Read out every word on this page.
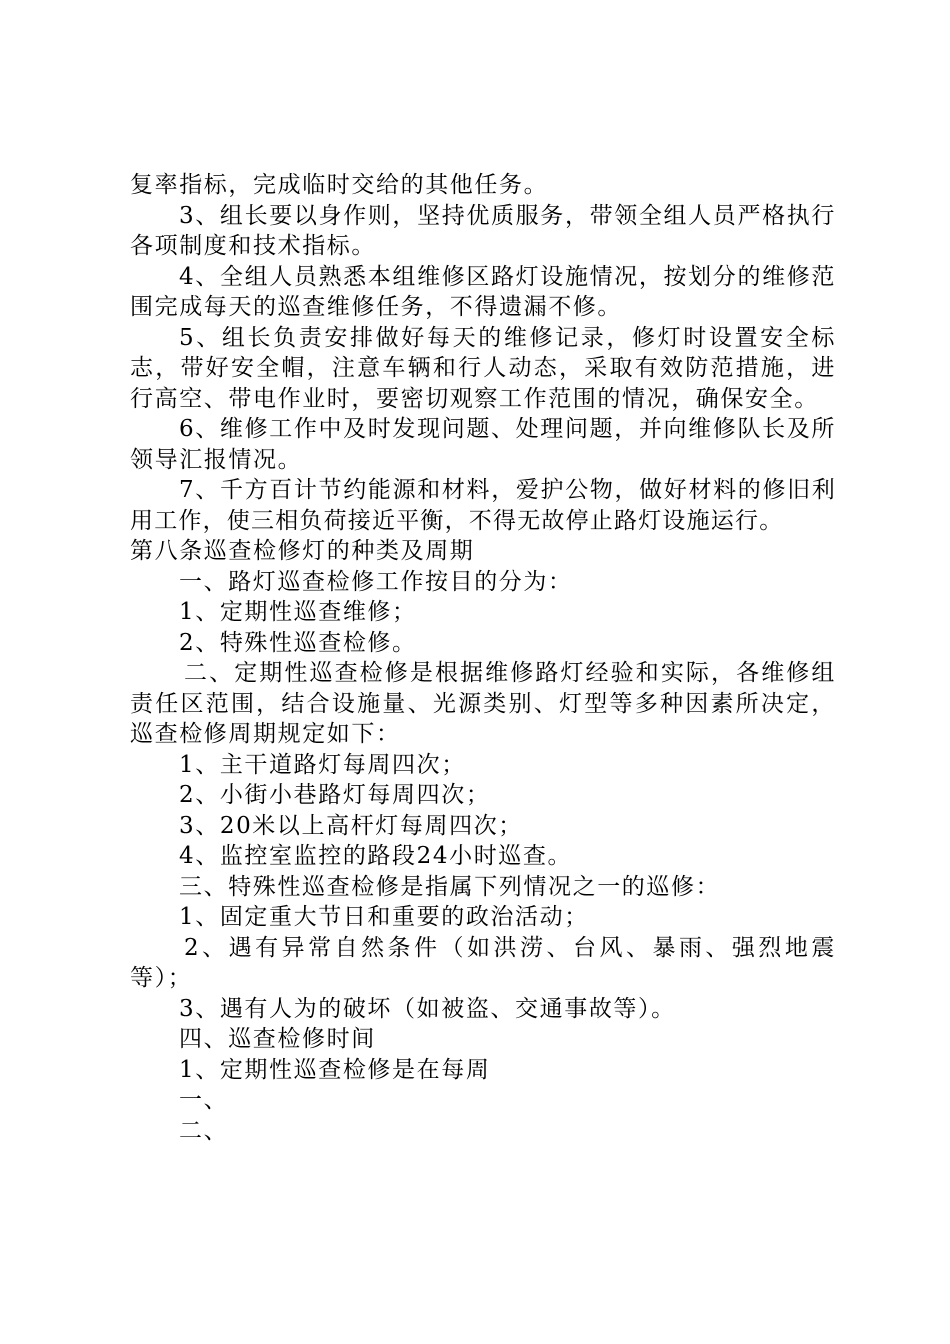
复率指标，完成临时交给的其他任务。

3、组长要以身作则，坚持优质服务，带领全组人员严格执行各项制度和技术指标。

4、全组人员熟悉本组维修区路灯设施情况，按划分的维修范围完成每天的巡查维修任务，不得遗漏不修。

5、组长负责安排做好每天的维修记录，修灯时设置安全标志，带好安全帽，注意车辆和行人动态，采取有效防范措施，进行高空、带电作业时，要密切观察工作范围的情况，确保安全。

6、维修工作中及时发现问题、处理问题，并向维修队长及所领导汇报情况。

7、千方百计节约能源和材料，爱护公物，做好材料的修旧利用工作，使三相负荷接近平衡，不得无故停止路灯设施运行。

第八条巡查检修灯的种类及周期

一、路灯巡查检修工作按目的分为：

1、定期性巡查维修；

2、特殊性巡查检修。

二、定期性巡查检修是根据维修路灯经验和实际，各维修组责任区范围，结合设施量、光源类别、灯型等多种因素所决定，巡查检修周期规定如下：

1、主干道路灯每周四次；

2、小街小巷路灯每周四次；

3、20米以上高杆灯每周四次；

4、监控室监控的路段24小时巡查。

三、特殊性巡查检修是指属下列情况之一的巡修：

1、固定重大节日和重要的政治活动；

2、遇有异常自然条件（如洪涝、台风、暴雨、强烈地震等）；

3、遇有人为的破坏（如被盗、交通事故等）。

四、巡查检修时间

1、定期性巡查检修是在每周

一、

二、
